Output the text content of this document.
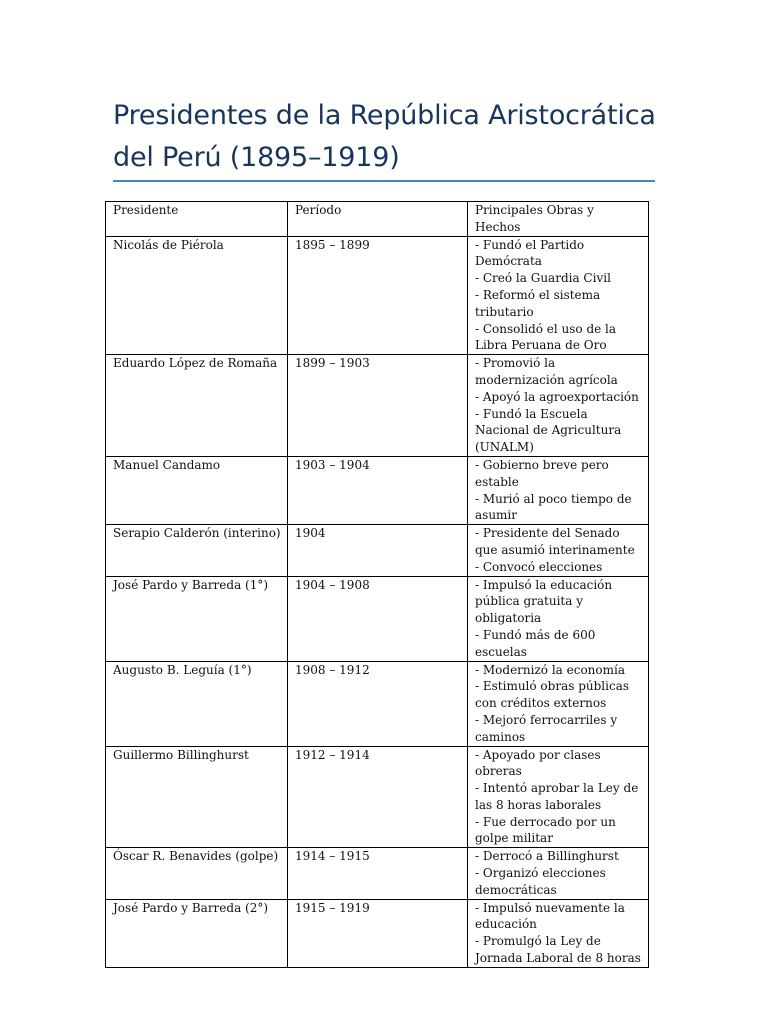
Presidentes de la República Aristocrática del Perú (1895–1919)
Presidente	Período	Principales Obras y Hechos
Nicolás de Piérola	1895 – 1899	- Fundó el Partido Demócrata
- Creó la Guardia Civil
- Reformó el sistema tributario
- Consolidó el uso de la Libra Peruana de Oro

Eduardo López de Romaña	1899 – 1903	- Promovió la modernización agrícola
- Apoyó la agroexportación
- Fundó la Escuela Nacional de Agricultura (UNALM)

Manuel Candamo	1903 – 1904	- Gobierno breve pero estable
- Murió al poco tiempo de asumir

Serapio Calderón (interino)	1904	- Presidente del Senado que asumió interinamente
- Convocó elecciones

José Pardo y Barreda (1°)	1904 – 1908	- Impulsó la educación pública gratuita y obligatoria
- Fundó más de 600 escuelas

Augusto B. Leguía (1°)	1908 – 1912	- Modernizó la economía
- Estimuló obras públicas con créditos externos
- Mejoró ferrocarriles y caminos

Guillermo Billinghurst	1912 – 1914	- Apoyado por clases obreras
- Intentó aprobar la Ley de las 8 horas laborales
- Fue derrocado por un golpe militar

Óscar R. Benavides (golpe)	1914 – 1915	- Derrocó a Billinghurst
- Organizó elecciones democráticas

José Pardo y Barreda (2°)	1915 – 1919	- Impulsó nuevamente la educación
- Promulgó la Ley de Jornada Laboral de 8 horas
